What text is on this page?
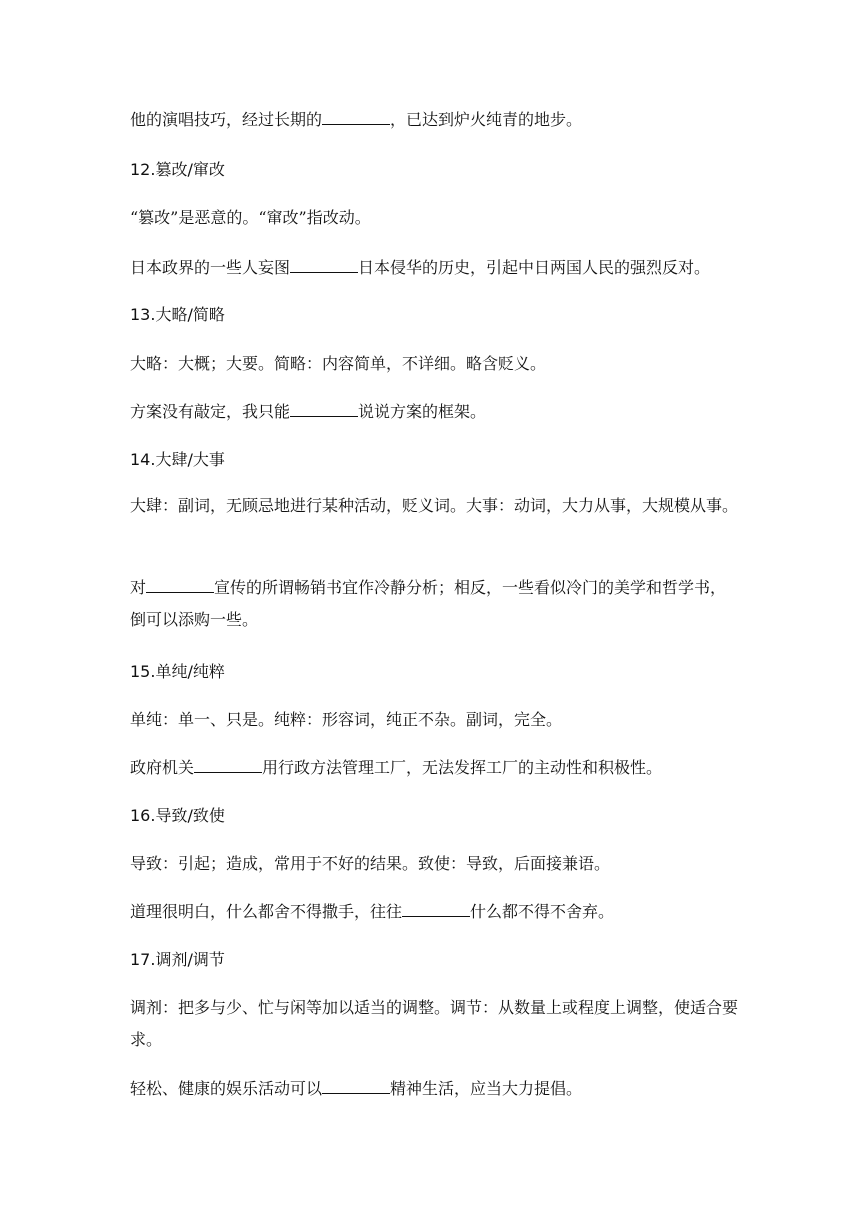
他的演唱技巧，经过长期的	，已达到炉火纯青的地步。
12.篡改/窜改
“篡改”是恶意的。“窜改”指改动。
日本政界的一些人妄图	日本侵华的历史，引起中日两国人民的强烈反对。
13.大略/简略
大略：大概；大要。简略：内容简单，不详细。略含贬义。
方案没有敲定，我只能	说说方案的框架。
14.大肆/大事
大肆：副词，无顾忌地进行某种活动，贬义词。大事：动词，大力从事，大规模从事。
对	宣传的所谓畅销书宜作冷静分析；相反，一些看似冷门的美学和哲学书，倒可以添购一些。
15.单纯/纯粹
单纯：单一、只是。纯粹：形容词，纯正不杂。副词，完全。
政府机关	用行政方法管理工厂，无法发挥工厂的主动性和积极性。
16.导致/致使
导致：引起；造成，常用于不好的结果。致使：导致，后面接兼语。
道理很明白，什么都舍不得撒手，往往	什么都不得不舍弃。
17.调剂/调节
调剂：把多与少、忙与闲等加以适当的调整。调节：从数量上或程度上调整，使适合要求。
轻松、健康的娱乐活动可以	精神生活，应当大力提倡。
